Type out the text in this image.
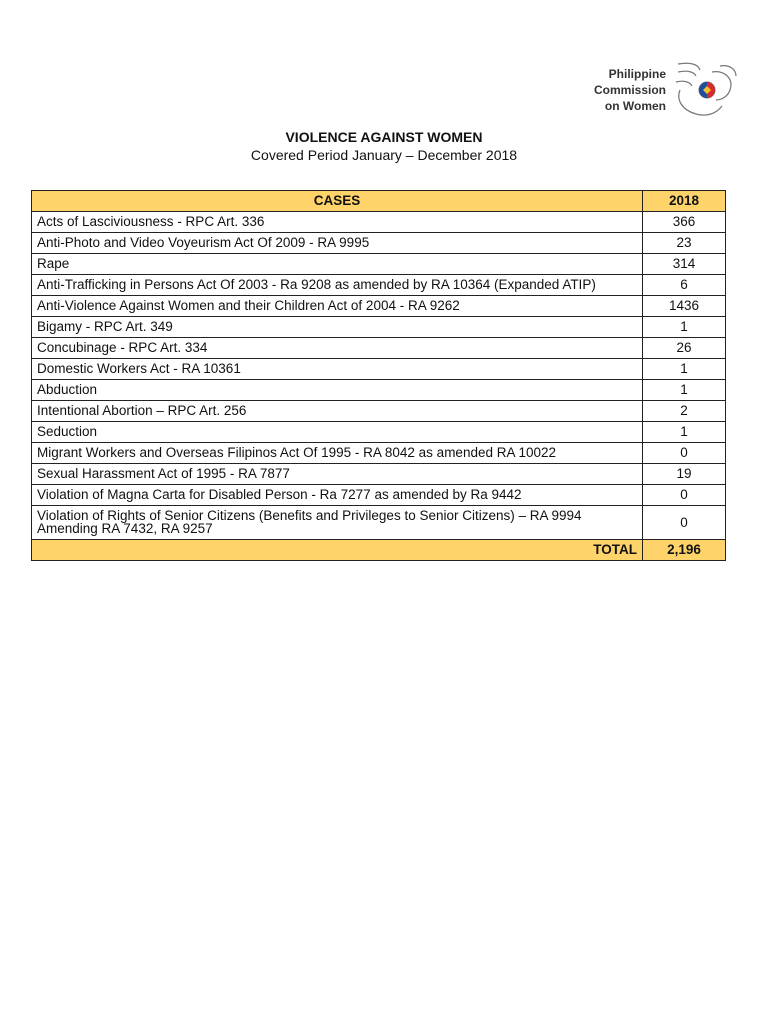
Philippine
Commission
on Women
VIOLENCE AGAINST WOMEN
Covered Period January – December 2018
CASES	2018
Acts of Lasciviousness - RPC Art. 336	366
Anti-Photo and Video Voyeurism Act Of 2009 - RA 9995	23
Rape	314
Anti-Trafficking in Persons Act Of 2003 - Ra 9208 as amended by RA 10364 (Expanded ATIP)	6
Anti-Violence Against Women and their Children Act of 2004 - RA 9262	1436
Bigamy - RPC Art. 349	1
Concubinage - RPC Art. 334	26
Domestic Workers Act - RA 10361	1
Abduction	1
Intentional Abortion – RPC Art. 256	2
Seduction	1
Migrant Workers and Overseas Filipinos Act Of 1995 - RA 8042 as amended RA 10022	0
Sexual Harassment Act of 1995 - RA 7877	19
Violation of Magna Carta for Disabled Person - Ra 7277 as amended by Ra 9442	0
Violation of Rights of Senior Citizens (Benefits and Privileges to Senior Citizens) – RA 9994 Amending RA 7432, RA 9257	0
TOTAL	2,196
